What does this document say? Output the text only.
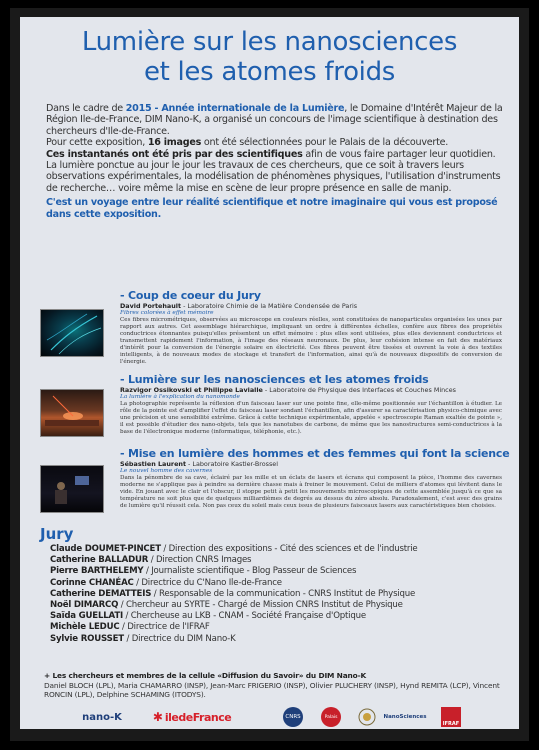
Lumière sur les nanosciences
et les atomes froids

Dans le cadre de 2015 - Année internationale de la Lumière, le Domaine d'Intérêt Majeur de la Région Ile-de-France, DIM Nano-K, a organisé un concours de l'image scientifique à destination des chercheurs d'Ile-de-France.

Pour cette exposition, 16 images ont été sélectionnées pour le Palais de la découverte.

Ces instantanés ont été pris par des scientifiques afin de vous faire partager leur quotidien.

La lumière ponctue au jour le jour les travaux de ces chercheurs, que ce soit à travers leurs observations expérimentales, la modélisation de phénomènes physiques, l'utilisation d'instruments de recherche… voire même la mise en scène de leur propre présence en salle de manip.

C'est un voyage entre leur réalité scientifique et notre imaginaire qui vous est proposé dans cette exposition.

- Coup de coeur du Jury
David Portehault - Laboratoire Chimie de la Matière Condensée de Paris
Fibres colorées à effet mémoire
Ces fibres micrométriques, observées au microscope en couleurs réelles, sont constituées de nanoparticules organisées les unes par rapport aux autres. Cet assemblage hiérarchique, impliquant un ordre à différentes échelles, confère aux fibres des propriétés conductrices étonnantes puisqu'elles présentent un effet mémoire : plus elles sont utilisées, plus elles deviennent conductrices et transmettent rapidement l'information, à l'image des réseaux neuronaux. De plus, leur cohésion intense en fait des matériaux d'intérêt pour la conversion de l'énergie solaire en électricité. Ces fibres peuvent être tissées et ouvrent la voie à des textiles intelligents, à de nouveaux modes de stockage et transfert de l'information, ainsi qu'à de nouveaux dispositifs de conversion de l'énergie.
- Lumière sur les nanosciences et les atomes froids
Razvigor Ossikovski et Philippe Lavialle - Laboratoire de Physique des Interfaces et Couches Minces
La lumière à l'explication du nanomonde
La photographie représente la réflexion d'un faisceau laser sur une pointe fine, elle-même positionnée sur l'échantillon à étudier. Le rôle de la pointe est d'amplifier l'effet du faisceau laser sondant l'échantillon, afin d'assurer sa caractérisation physico-chimique avec une précision et une sensibilité extrême. Grâce à cette technique expérimentale, appelée « spectroscopie Raman exaltée de pointe », il est possible d'étudier des nano-objets, tels que les nanotubes de carbone, de même que les nanostructures semi-conductrices à la base de l'électronique moderne (informatique, téléphonie, etc.).
- Mise en lumière des hommes et des femmes qui font la science
Sébastien Laurent - Laboratoire Kastler-Brossel
Le nouvel homme des cavernes
Dans la pénombre de sa cave, éclairé par les mille et un éclats de lasers et écrans qui composent la pièce, l'homme des cavernes moderne ne s'applique pas à peindre sa dernière chasse mais à freiner le mouvement. Celui de milliers d'atomes qui lévitent dans le vide. En jouant avec le clair et l'obscur, il stoppe petit à petit les mouvements microscopiques de cette assemblée jusqu'à ce que sa température ne soit plus que de quelques milliardièmes de degrés au dessus du zéro absolu. Paradoxalement, c'est avec des grains de lumière qu'il réussit cela. Non pas ceux du soleil mais ceux issus de plusieurs faisceaux lasers aux caractéristiques bien choisies.
Jury
Claude DOUMET-PINCET / Direction des expositions - Cité des sciences et de l'industrie
Catherine BALLADUR / Direction CNRS Images
Pierre BARTHELEMY / Journaliste scientifique - Blog Passeur de Sciences
Corinne CHANÉAC / Directrice du C'Nano Ile-de-France
Catherine DEMATTEIS / Responsable de la communication - CNRS Institut de Physique
Noël DIMARCQ / Chercheur au SYRTE - Chargé de Mission CNRS Institut de Physique
Saïda GUELLATI / Chercheuse au LKB - CNAM - Société Française d'Optique
Michèle LEDUC / Directrice de l'IFRAF
Sylvie ROUSSET / Directrice du DIM Nano-K
+ Les chercheurs et membres de la cellule «Diffusion du Savoir» du DIM Nano-K
Daniel BLOCH (LPL), Maria CHAMARRO (INSP), Jean-Marc FRIGERIO (INSP), Olivier PLUCHERY (INSP), Hynd REMITA (LCP), Vincent RONCIN (LPL), Delphine SCHAMING (ITODYS).
nano-K	✱ iledeFrance	CNRS	Palais	NanoSciences
IFRAF
